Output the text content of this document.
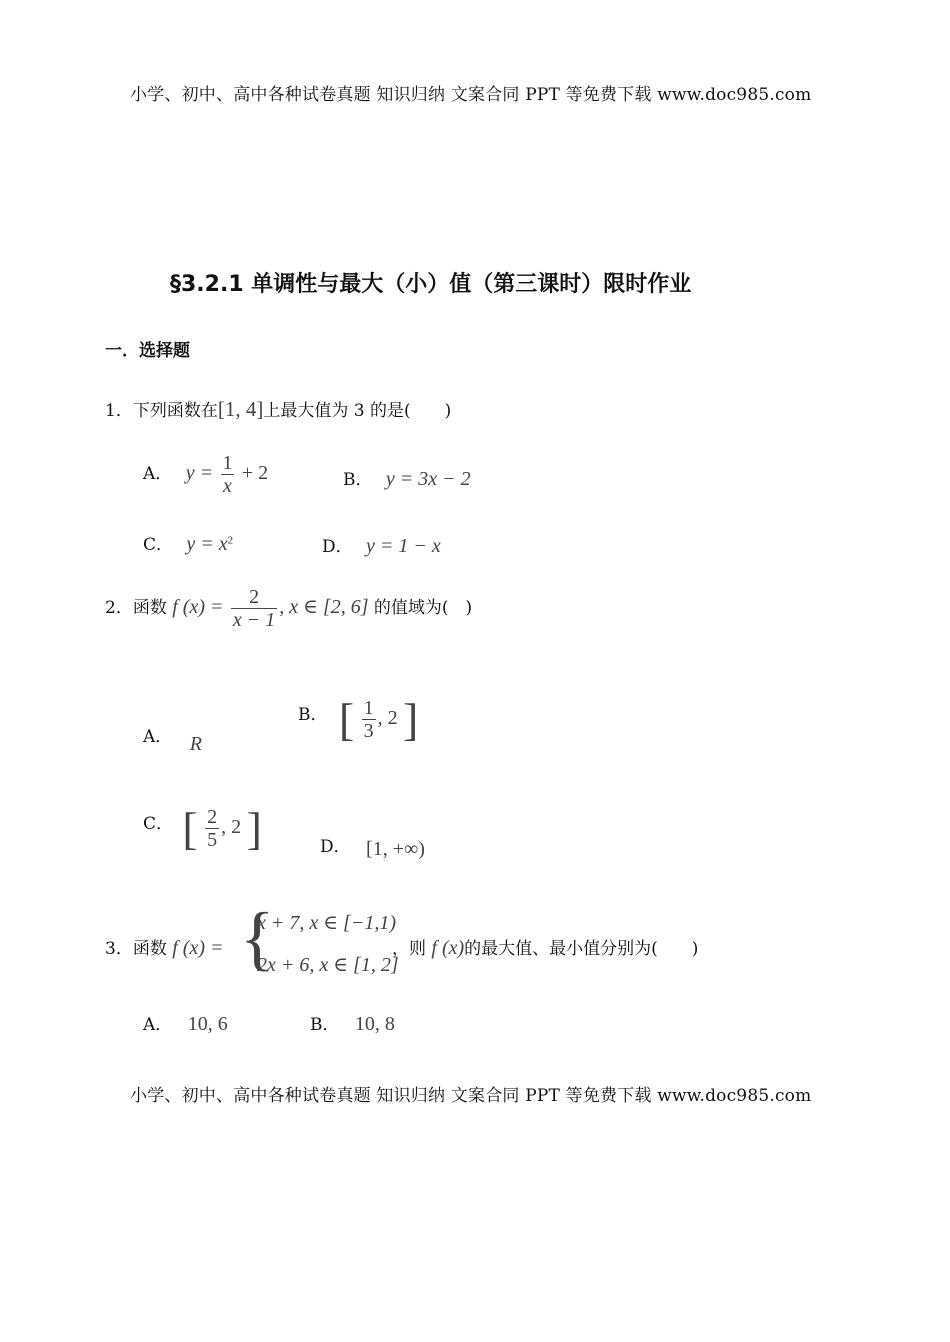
小学、初中、高中各种试卷真题 知识归纳 文案合同 PPT 等免费下载 www.doc985.com
§3.2.1 单调性与最大（小）值（第三课时）限时作业
一．选择题
1．下列函数在[1, 4]上最大值为 3 的是(　　)
A． $y = \frac{1}{x} + 2$	B． y = 3x − 2
C． $y = x^2$	D． y = 1 − x
2．函数 f $(x) = \frac{2}{x - 1}$ , x ∈ [2, 6] 的值域为(　)
A． R
B． [ $\frac{1}{3}$ , 2 ]
C． [ $\frac{2}{5}$ , 2 ]	D． [1, +∞)
3．函数 f (x) = {
x + 7, x ∈ [−1,1)
2x + 6, x ∈ [1, 2]
，则 f (x)的最大值、最小值分别为(　　)
A． 10, 6	B． 10, 8
小学、初中、高中各种试卷真题 知识归纳 文案合同 PPT 等免费下载 www.doc985.com
